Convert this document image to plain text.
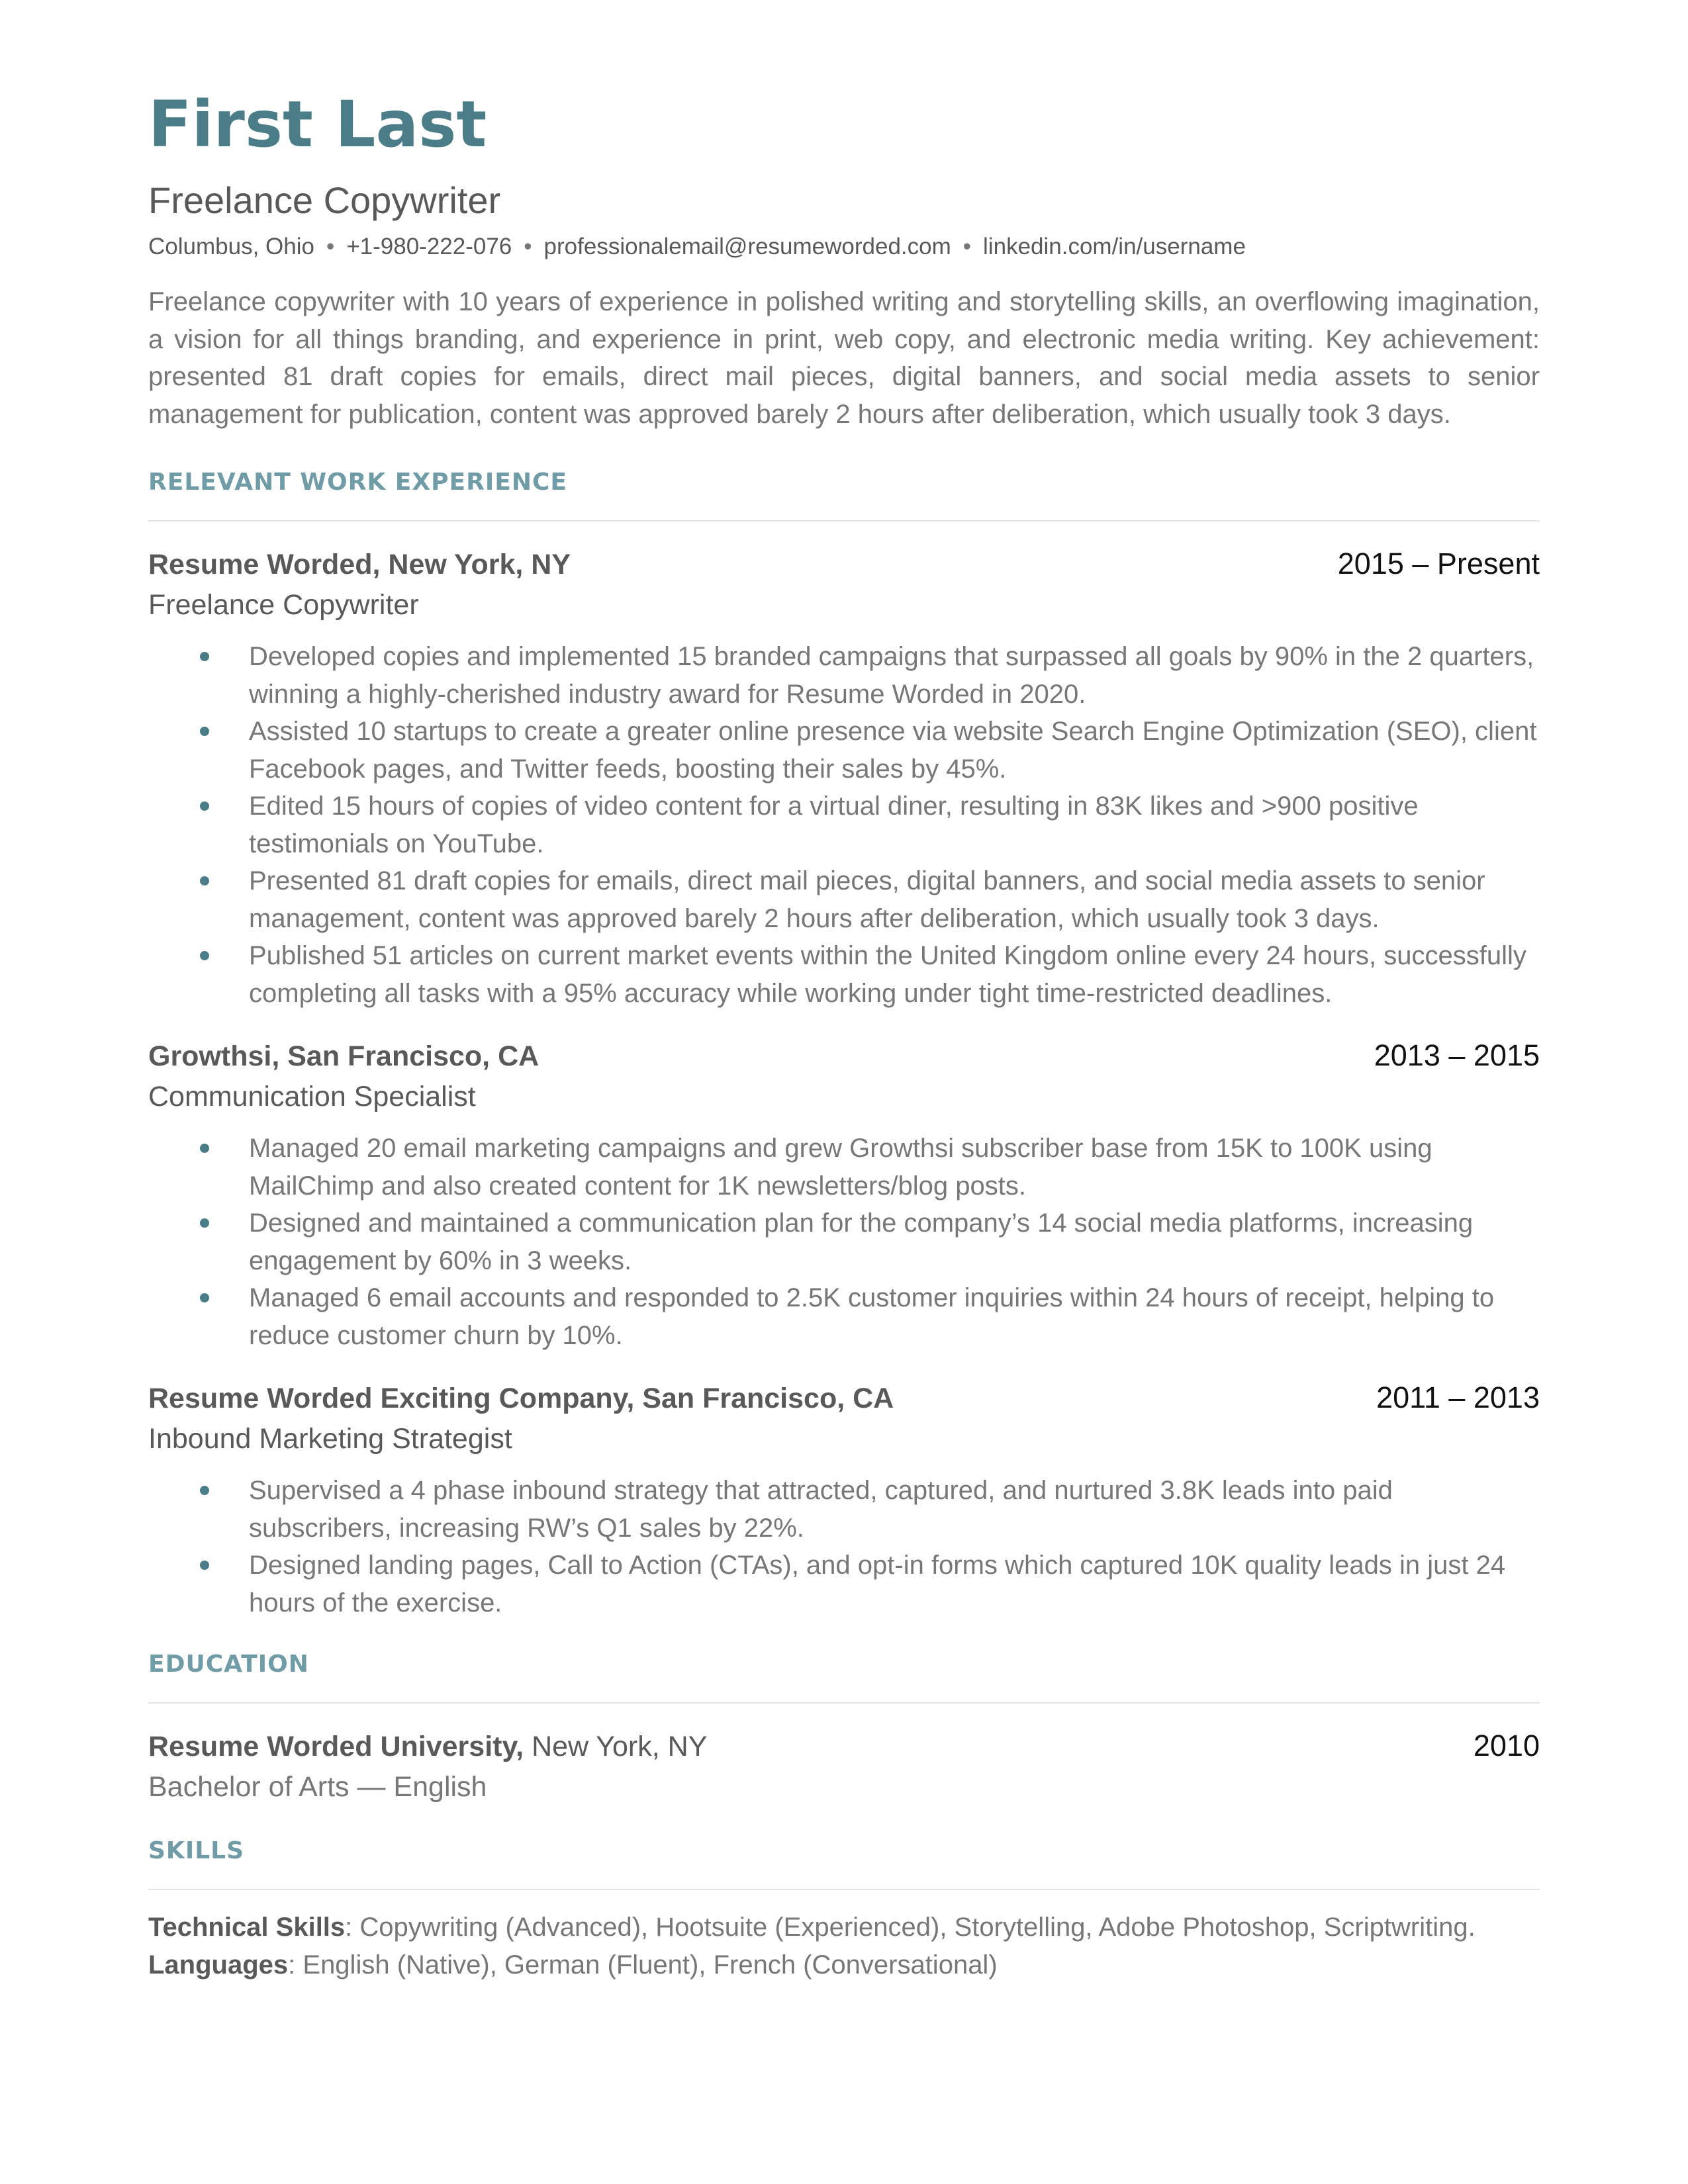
First Last
Freelance Copywriter
Columbus, Ohio • +1-980-222-076 • professionalemail@resumeworded.com • linkedin.com/in/username
Freelance copywriter with 10 years of experience in polished writing and storytelling skills, an overflowing imagination, a vision for all things branding, and experience in print, web copy, and electronic media writing. Key achievement: presented 81 draft copies for emails, direct mail pieces, digital banners, and social media assets to senior management for publication, content was approved barely 2 hours after deliberation, which usually took 3 days.
RELEVANT WORK EXPERIENCE
Resume Worded, New York, NY	2015 – Present
Freelance Copywriter
Developed copies and implemented 15 branded campaigns that surpassed all goals by 90% in the 2 quarters, winning a highly-cherished industry award for Resume Worded in 2020.
Assisted 10 startups to create a greater online presence via website Search Engine Optimization (SEO), client Facebook pages, and Twitter feeds, boosting their sales by 45%.
Edited 15 hours of copies of video content for a virtual diner, resulting in 83K likes and >900 positive testimonials on YouTube.
Presented 81 draft copies for emails, direct mail pieces, digital banners, and social media assets to senior management, content was approved barely 2 hours after deliberation, which usually took 3 days.
Published 51 articles on current market events within the United Kingdom online every 24 hours, successfully completing all tasks with a 95% accuracy while working under tight time-restricted deadlines.
Growthsi, San Francisco, CA	2013 – 2015
Communication Specialist
Managed 20 email marketing campaigns and grew Growthsi subscriber base from 15K to 100K using MailChimp and also created content for 1K newsletters/blog posts.
Designed and maintained a communication plan for the company’s 14 social media platforms, increasing engagement by 60% in 3 weeks.
Managed 6 email accounts and responded to 2.5K customer inquiries within 24 hours of receipt, helping to reduce customer churn by 10%.
Resume Worded Exciting Company, San Francisco, CA	2011 – 2013
Inbound Marketing Strategist
Supervised a 4 phase inbound strategy that attracted, captured, and nurtured 3.8K leads into paid subscribers, increasing RW’s Q1 sales by 22%.
Designed landing pages, Call to Action (CTAs), and opt-in forms which captured 10K quality leads in just 24 hours of the exercise.
EDUCATION
Resume Worded University, New York, NY	2010
Bachelor of Arts — English
SKILLS
Technical Skills: Copywriting (Advanced), Hootsuite (Experienced), Storytelling, Adobe Photoshop, Scriptwriting.
Languages: English (Native), German (Fluent), French (Conversational)
